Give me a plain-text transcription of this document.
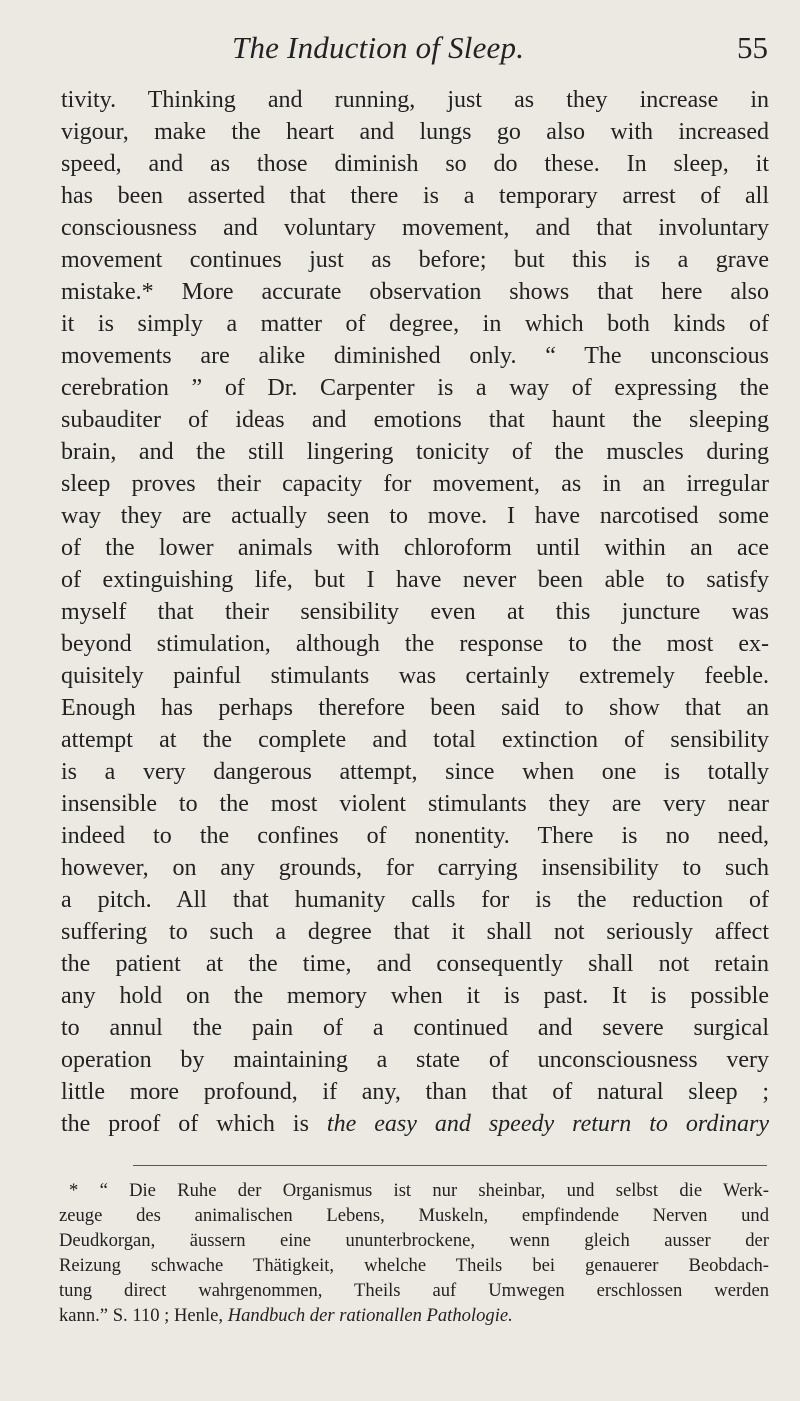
The Induction of Sleep.	55
tivity. Thinking and running, just as they increase in
vigour, make the heart and lungs go also with increased
speed, and as those diminish so do these. In sleep, it
has been asserted that there is a temporary arrest of all
consciousness and voluntary movement, and that involuntary
movement continues just as before; but this is a grave
mistake.* More accurate observation shows that here also
it is simply a matter of degree, in which both kinds of
movements are alike diminished only. “ The unconscious
cerebration ” of Dr. Carpenter is a way of expressing the
subauditer of ideas and emotions that haunt the sleeping
brain, and the still lingering tonicity of the muscles during
sleep proves their capacity for movement, as in an irregular
way they are actually seen to move. I have narcotised some
of the lower animals with chloroform until within an ace
of extinguishing life, but I have never been able to satisfy
myself that their sensibility even at this juncture was
beyond stimulation, although the response to the most ex-
quisitely painful stimulants was certainly extremely feeble.
Enough has perhaps therefore been said to show that an
attempt at the complete and total extinction of sensibility
is a very dangerous attempt, since when one is totally
insensible to the most violent stimulants they are very near
indeed to the confines of nonentity. There is no need,
however, on any grounds, for carrying insensibility to such
a pitch. All that humanity calls for is the reduction of
suffering to such a degree that it shall not seriously affect
the patient at the time, and consequently shall not retain
any hold on the memory when it is past. It is possible
to annul the pain of a continued and severe surgical
operation by maintaining a state of unconsciousness very
little more profound, if any, than that of natural sleep ;
the proof of which is the easy and speedy return to ordinary
* “ Die Ruhe der Organismus ist nur sheinbar, und selbst die Werk-
zeuge des animalischen Lebens, Muskeln, empfindende Nerven und
Deudkorgan, äussern eine ununterbrockene, wenn gleich ausser der
Reizung schwache Thätigkeit, whelche Theils bei genauerer Beobdach-
tung direct wahrgenommen, Theils auf Umwegen erschlossen werden
kann.” S. 110 ; Henle, Handbuch der rationallen Pathologie.
